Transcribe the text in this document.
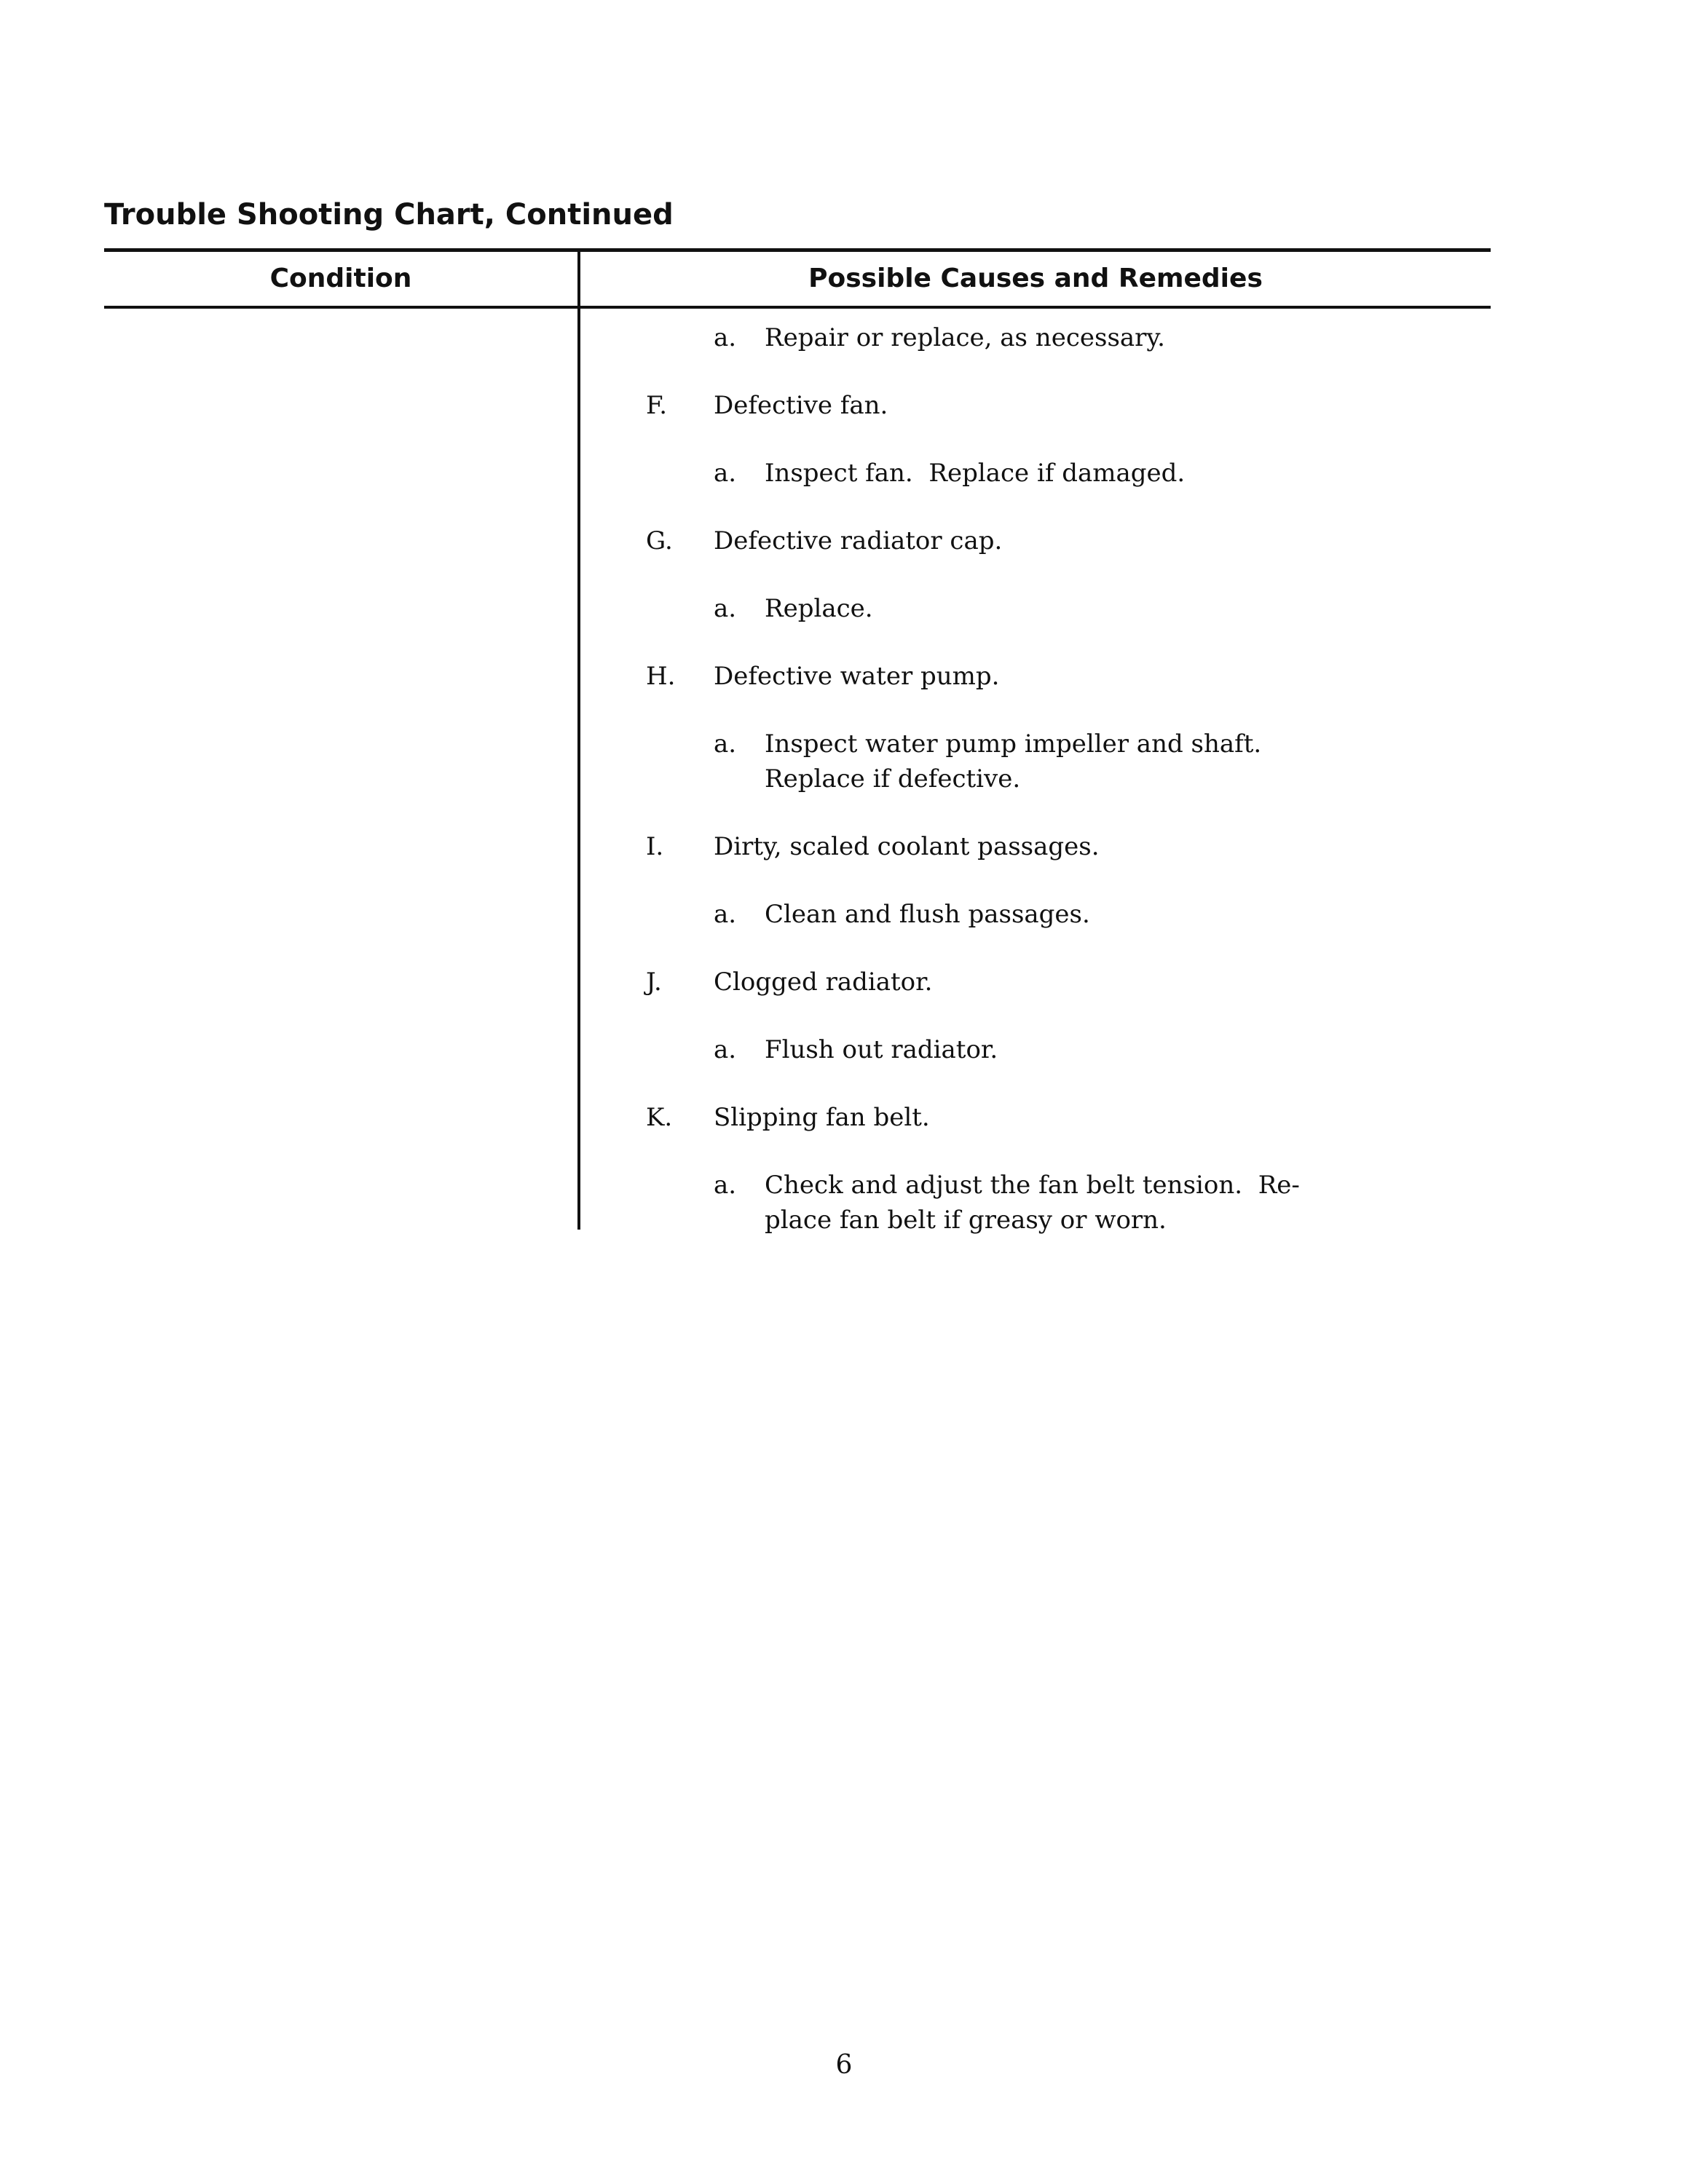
Trouble Shooting Chart, Continued
Condition	Possible Causes and Remedies
a. Repair or replace, as necessary.
F. Defective fan.
a. Inspect fan.  Replace if damaged.
G. Defective radiator cap.
a. Replace.
H. Defective water pump.
a. Inspect water pump impeller and shaft.
Replace if defective.
I. Dirty, scaled coolant passages.
a. Clean and flush passages.
J. Clogged radiator.
a. Flush out radiator.
K. Slipping fan belt.
a. Check and adjust the fan belt tension.  Re-
place fan belt if greasy or worn.
6
